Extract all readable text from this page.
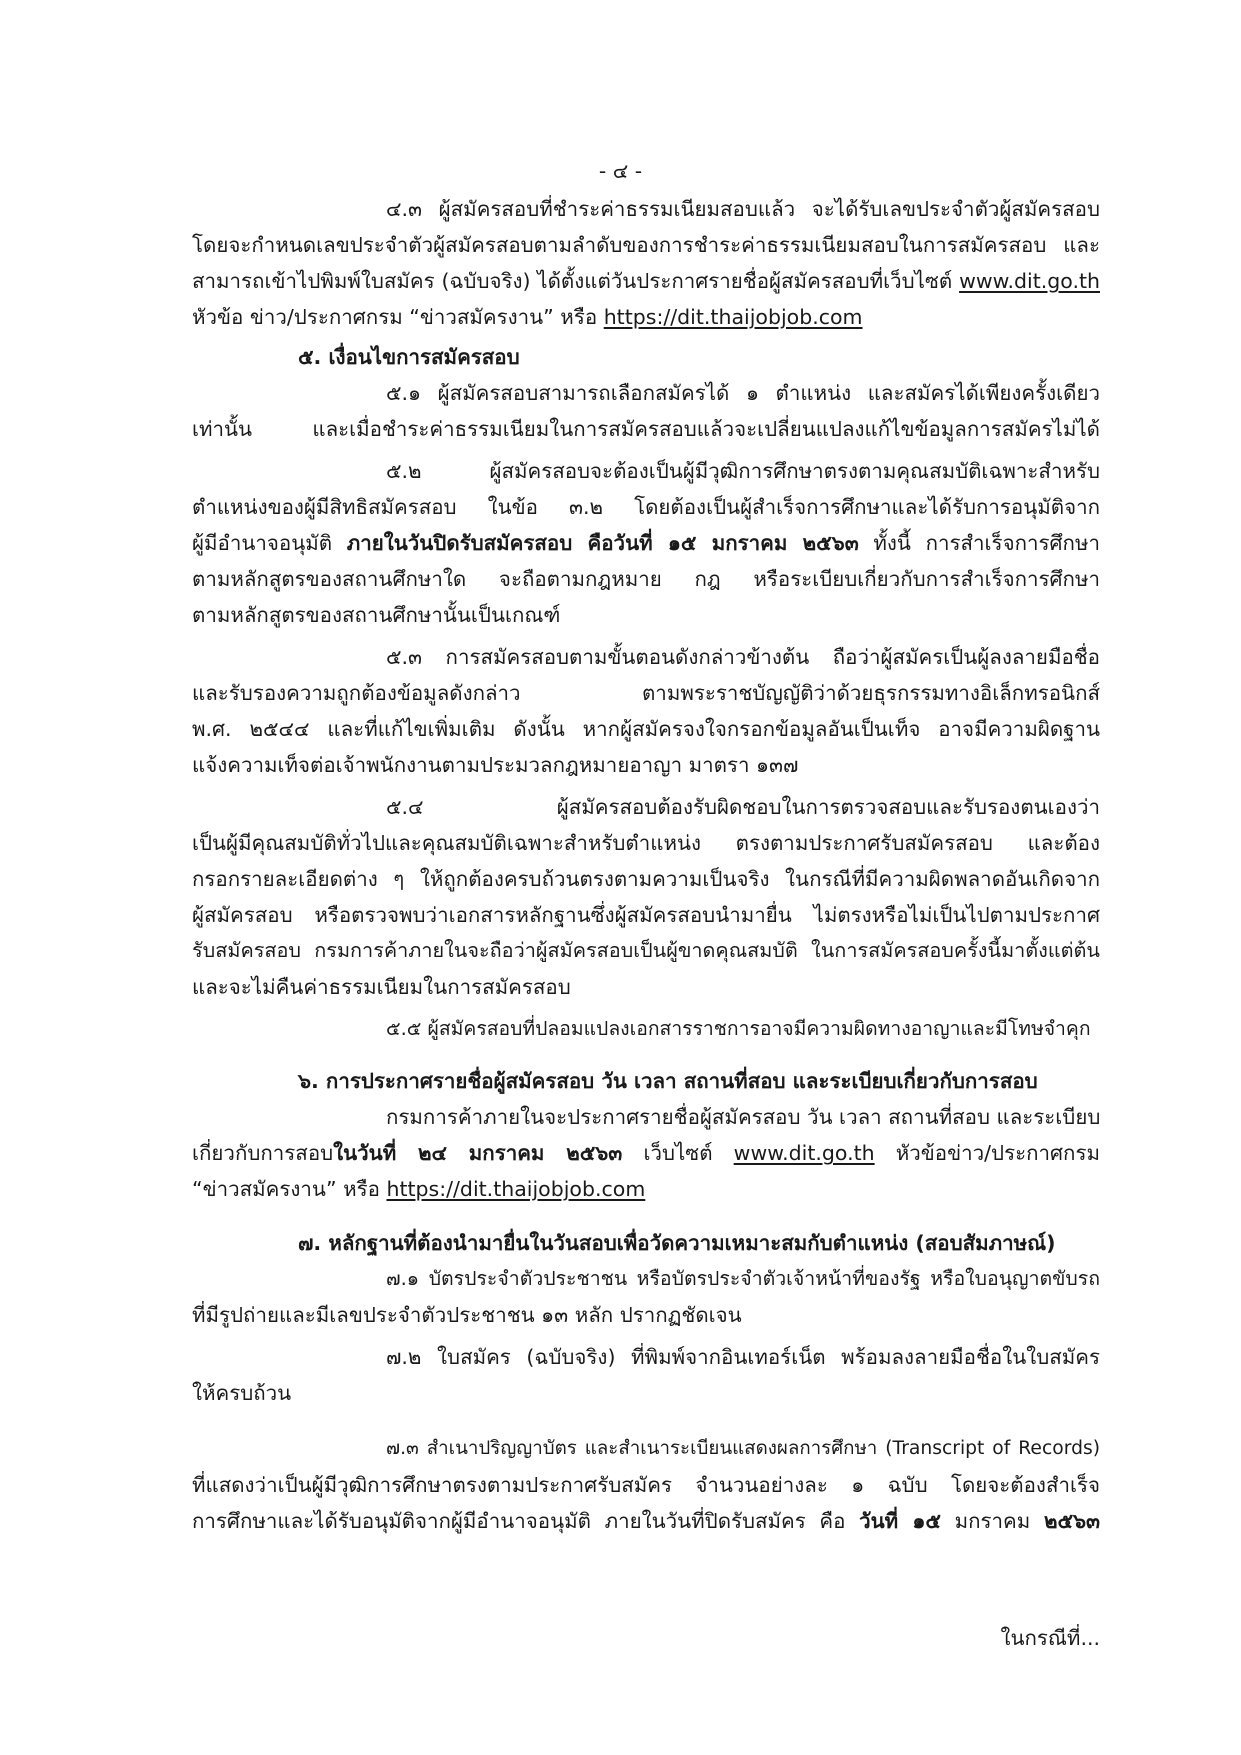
- ๔ -
๔.๓ ผู้สมัครสอบที่ชำระค่าธรรมเนียมสอบแล้ว จะได้รับเลขประจำตัวผู้สมัครสอบ
โดยจะกำหนดเลขประจำตัวผู้สมัครสอบตามลำดับของการชำระค่าธรรมเนียมสอบในการสมัครสอบ และ
สามารถเข้าไปพิมพ์ใบสมัคร (ฉบับจริง) ได้ตั้งแต่วันประกาศรายชื่อผู้สมัครสอบที่เว็บไซต์ www.dit.go.th
หัวข้อ ข่าว/ประกาศกรม “ข่าวสมัครงาน” หรือ https://dit.thaijobjob.com
๕. เงื่อนไขการสมัครสอบ
๕.๑ ผู้สมัครสอบสามารถเลือกสมัครได้ ๑ ตำแหน่ง และสมัครได้เพียงครั้งเดียว
เท่านั้น และเมื่อชำระค่าธรรมเนียมในการสมัครสอบแล้วจะเปลี่ยนแปลงแก้ไขข้อมูลการสมัครไม่ได้
๕.๒ ผู้สมัครสอบจะต้องเป็นผู้มีวุฒิการศึกษาตรงตามคุณสมบัติเฉพาะสำหรับ
ตำแหน่งของผู้มีสิทธิสมัครสอบ ในข้อ ๓.๒ โดยต้องเป็นผู้สำเร็จการศึกษาและได้รับการอนุมัติจาก
ผู้มีอำนาจอนุมัติ ภายในวันปิดรับสมัครสอบ คือวันที่ ๑๕ มกราคม ๒๕๖๓ ทั้งนี้ การสำเร็จการศึกษา
ตามหลักสูตรของสถานศึกษาใด จะถือตามกฎหมาย กฎ หรือระเบียบเกี่ยวกับการสำเร็จการศึกษา
ตามหลักสูตรของสถานศึกษานั้นเป็นเกณฑ์
๕.๓ การสมัครสอบตามขั้นตอนดังกล่าวข้างต้น ถือว่าผู้สมัครเป็นผู้ลงลายมือชื่อ
และรับรองความถูกต้องข้อมูลดังกล่าว ตามพระราชบัญญัติว่าด้วยธุรกรรมทางอิเล็กทรอนิกส์
พ.ศ. ๒๕๔๔ และที่แก้ไขเพิ่มเติม ดังนั้น หากผู้สมัครจงใจกรอกข้อมูลอันเป็นเท็จ อาจมีความผิดฐาน
แจ้งความเท็จต่อเจ้าพนักงานตามประมวลกฎหมายอาญา มาตรา ๑๓๗
๕.๔ ผู้สมัครสอบต้องรับผิดชอบในการตรวจสอบและรับรองตนเองว่า
เป็นผู้มีคุณสมบัติทั่วไปและคุณสมบัติเฉพาะสำหรับตำแหน่ง ตรงตามประกาศรับสมัครสอบ และต้อง
กรอกรายละเอียดต่าง ๆ ให้ถูกต้องครบถ้วนตรงตามความเป็นจริง ในกรณีที่มีความผิดพลาดอันเกิดจาก
ผู้สมัครสอบ หรือตรวจพบว่าเอกสารหลักฐานซึ่งผู้สมัครสอบนำมายื่น ไม่ตรงหรือไม่เป็นไปตามประกาศ
รับสมัครสอบ กรมการค้าภายในจะถือว่าผู้สมัครสอบเป็นผู้ขาดคุณสมบัติ ในการสมัครสอบครั้งนี้มาตั้งแต่ต้น
และจะไม่คืนค่าธรรมเนียมในการสมัครสอบ
๕.๕ ผู้สมัครสอบที่ปลอมแปลงเอกสารราชการอาจมีความผิดทางอาญาและมีโทษจำคุก
๖. การประกาศรายชื่อผู้สมัครสอบ วัน เวลา สถานที่สอบ และระเบียบเกี่ยวกับการสอบ
กรมการค้าภายในจะประกาศรายชื่อผู้สมัครสอบ วัน เวลา สถานที่สอบ และระเบียบ
เกี่ยวกับการสอบในวันที่ ๒๔ มกราคม ๒๕๖๓ เว็บไซต์ www.dit.go.th หัวข้อข่าว/ประกาศกรม
“ข่าวสมัครงาน” หรือ https://dit.thaijobjob.com
๗. หลักฐานที่ต้องนำมายื่นในวันสอบเพื่อวัดความเหมาะสมกับตำแหน่ง (สอบสัมภาษณ์)
๗.๑ บัตรประจำตัวประชาชน หรือบัตรประจำตัวเจ้าหน้าที่ของรัฐ หรือใบอนุญาตขับรถ
ที่มีรูปถ่ายและมีเลขประจำตัวประชาชน ๑๓ หลัก ปรากฏชัดเจน
๗.๒ ใบสมัคร (ฉบับจริง) ที่พิมพ์จากอินเทอร์เน็ต พร้อมลงลายมือชื่อในใบสมัคร
ให้ครบถ้วน
๗.๓ สำเนาปริญญาบัตร และสำเนาระเบียนแสดงผลการศึกษา (Transcript of Records)
ที่แสดงว่าเป็นผู้มีวุฒิการศึกษาตรงตามประกาศรับสมัคร จำนวนอย่างละ ๑ ฉบับ โดยจะต้องสำเร็จ
การศึกษาและได้รับอนุมัติจากผู้มีอำนาจอนุมัติ ภายในวันที่ปิดรับสมัคร คือ วันที่ ๑๕ มกราคม ๒๕๖๓
ในกรณีที่...
